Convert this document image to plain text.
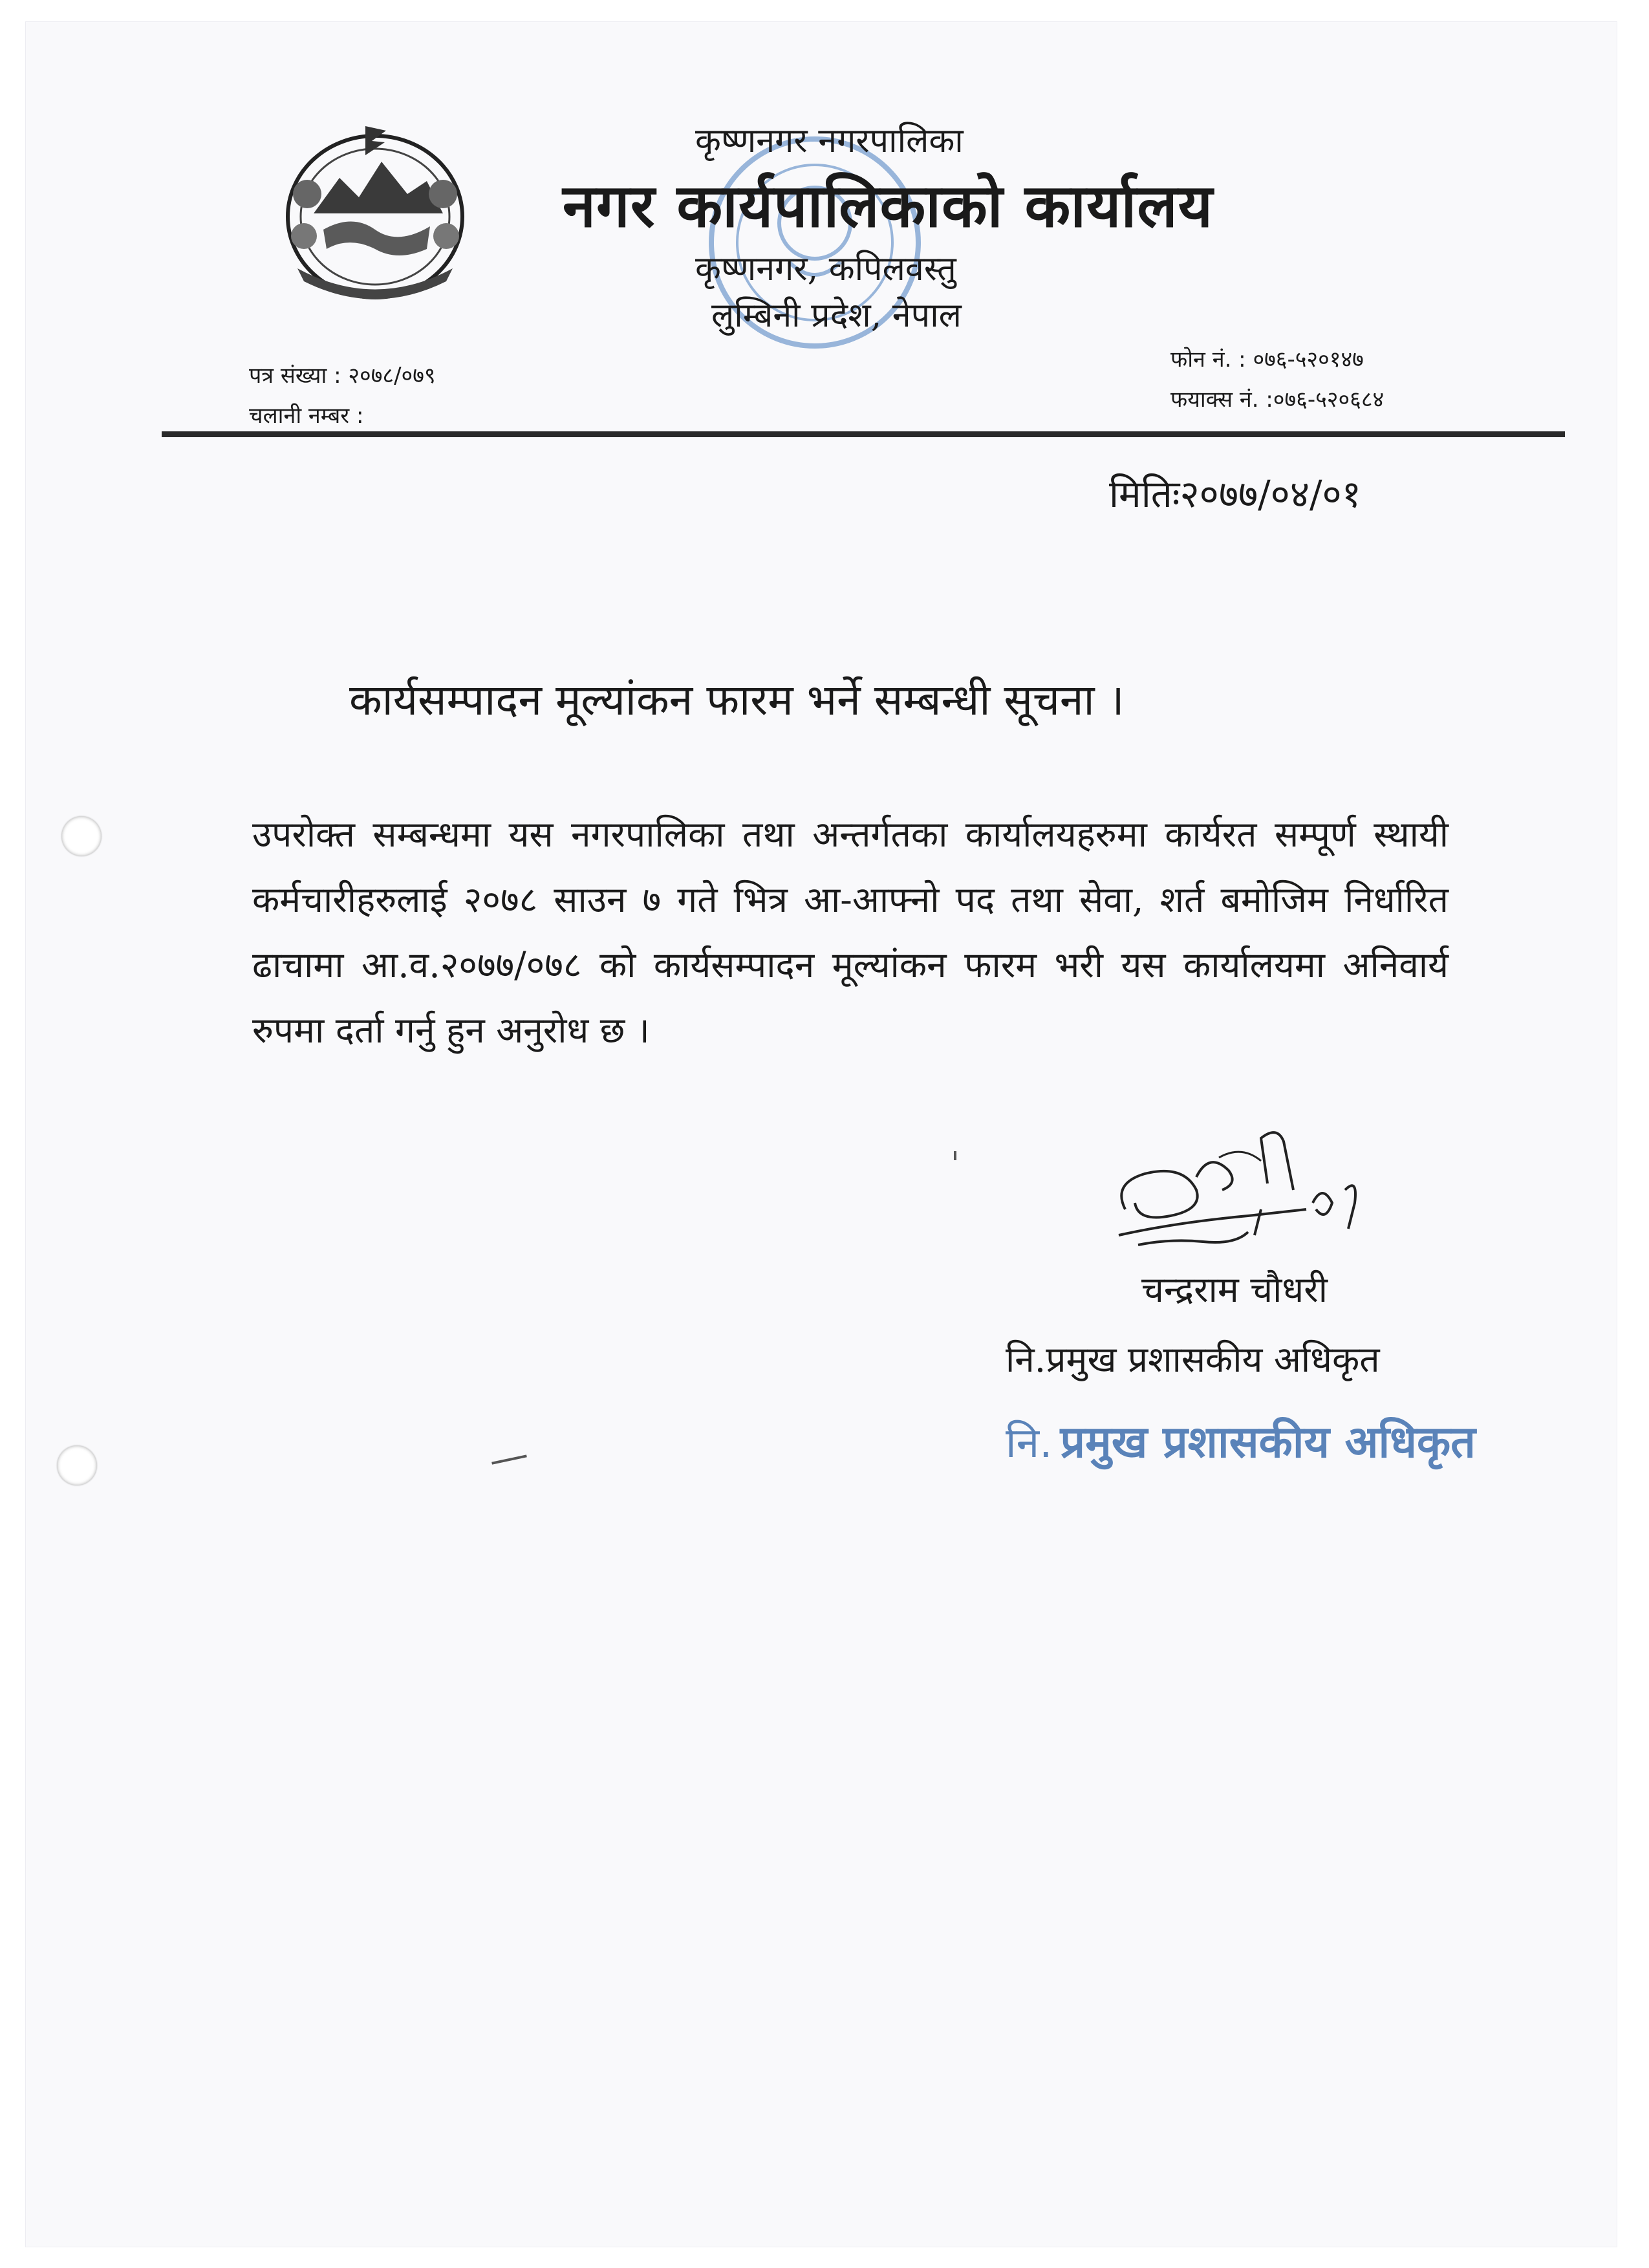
कृष्णनगर नगरपालिका
नगर कार्यपालिकाको कार्यालय
कृष्णनगर, कपिलवस्तु
लुम्बिनी प्रदेश, नेपाल
पत्र संख्या : २०७८/०७९
चलानी नम्बर :
फोन नं. : ०७६-५२०१४७
फयाक्स नं. :०७६-५२०६८४
मितिः२०७७/०४/०१
कार्यसम्पादन मूल्यांकन फारम भर्ने सम्बन्धी सूचना ।
उपरोक्त सम्बन्धमा यस नगरपालिका तथा अन्तर्गतका कार्यालयहरुमा कार्यरत सम्पूर्ण स्थायी कर्मचारीहरुलाई २०७८ साउन ७ गते भित्र आ-आफ्नो पद तथा सेवा, शर्त बमोजिम निर्धारित ढाचामा आ.व.२०७७/०७८ को कार्यसम्पादन मूल्यांकन फारम भरी यस कार्यालयमा अनिवार्य रुपमा दर्ता गर्नु हुन अनुरोध छ ।
चन्द्रराम चौधरी
नि.प्रमुख प्रशासकीय अधिकृत
नि. प्रमुख प्रशासकीय अधिकृत
